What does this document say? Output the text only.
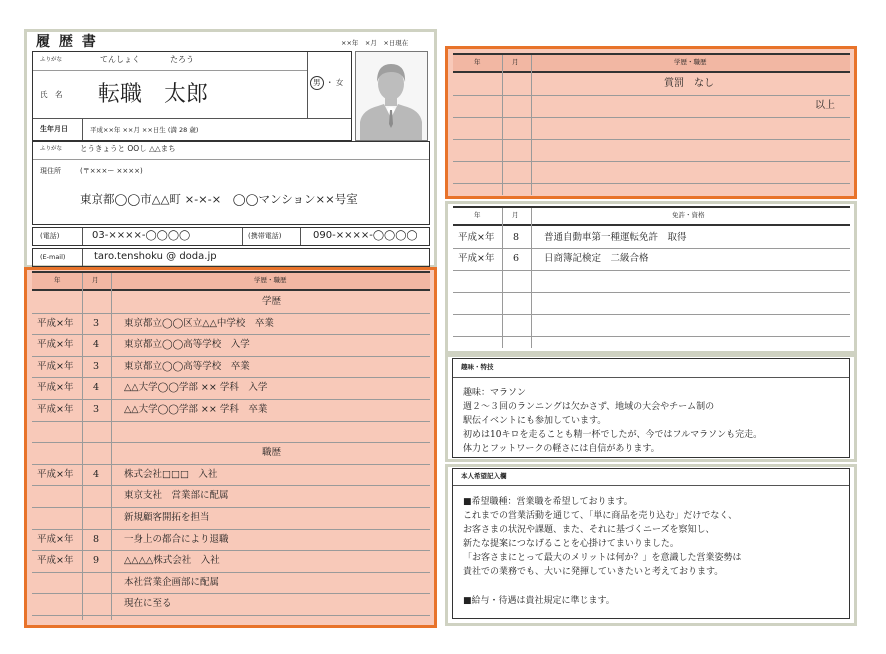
履 歴 書	××年　×月　×日現在
ふりがな	てんしょく	たろう
氏　名 転職　太郎	男 ・ 女
生年月日	平成××年 ××月 ××日生 (満 28 歳)
ふりがな とうきょうと OOし △△まち
現住所	(〒×××ー ××××)
東京都◯◯市△△町 ×-×-×　◯◯マンション××号室
(電話)	03-××××-◯◯◯◯	(携帯電話)	090-××××-◯◯◯◯
(E-mail)	taro.tenshoku @ doda.jp
年	月	学歴・職歴
学歴
平成×年 3	東京都立◯◯区立△△中学校　卒業
平成×年 4	東京都立◯◯高等学校　入学
平成×年 3	東京都立◯◯高等学校　卒業
平成×年 4	△△大学◯◯学部 ×× 学科　入学
平成×年 3	△△大学◯◯学部 ×× 学科　卒業
職歴
平成×年 4	株式会社□□□　入社
東京支社　営業部に配属
新規顧客開拓を担当
平成×年 8	一身上の都合により退職
平成×年 9	△△△△株式会社　入社
本社営業企画部に配属
現在に至る
年	月	学歴・職歴
賞罰　なし
以上
年	月	免許・資格
平成×年 8	普通自動車第一種運転免許　取得
平成×年 6	日商簿記検定　二級合格
趣味・特技
趣味：マラソン
週２〜３回のランニングは欠かさず、地域の大会やチーム制の
駅伝イベントにも参加しています。
初めは10キロを走ることも精一杯でしたが、今ではフルマラソンも完走。
体力とフットワークの軽さには自信があります。
本人希望記入欄
■希望職種：営業職を希望しております。
これまでの営業活動を通じて、「単に商品を売り込む」だけでなく、
お客さまの状況や課題、また、それに基づくニーズを察知し、
新たな提案につなげることを心掛けてまいりました。
「お客さまにとって最大のメリットは何か？」を意識した営業姿勢は
貴社での業務でも、大いに発揮していきたいと考えております。
■給与・待遇は貴社規定に準じます。
